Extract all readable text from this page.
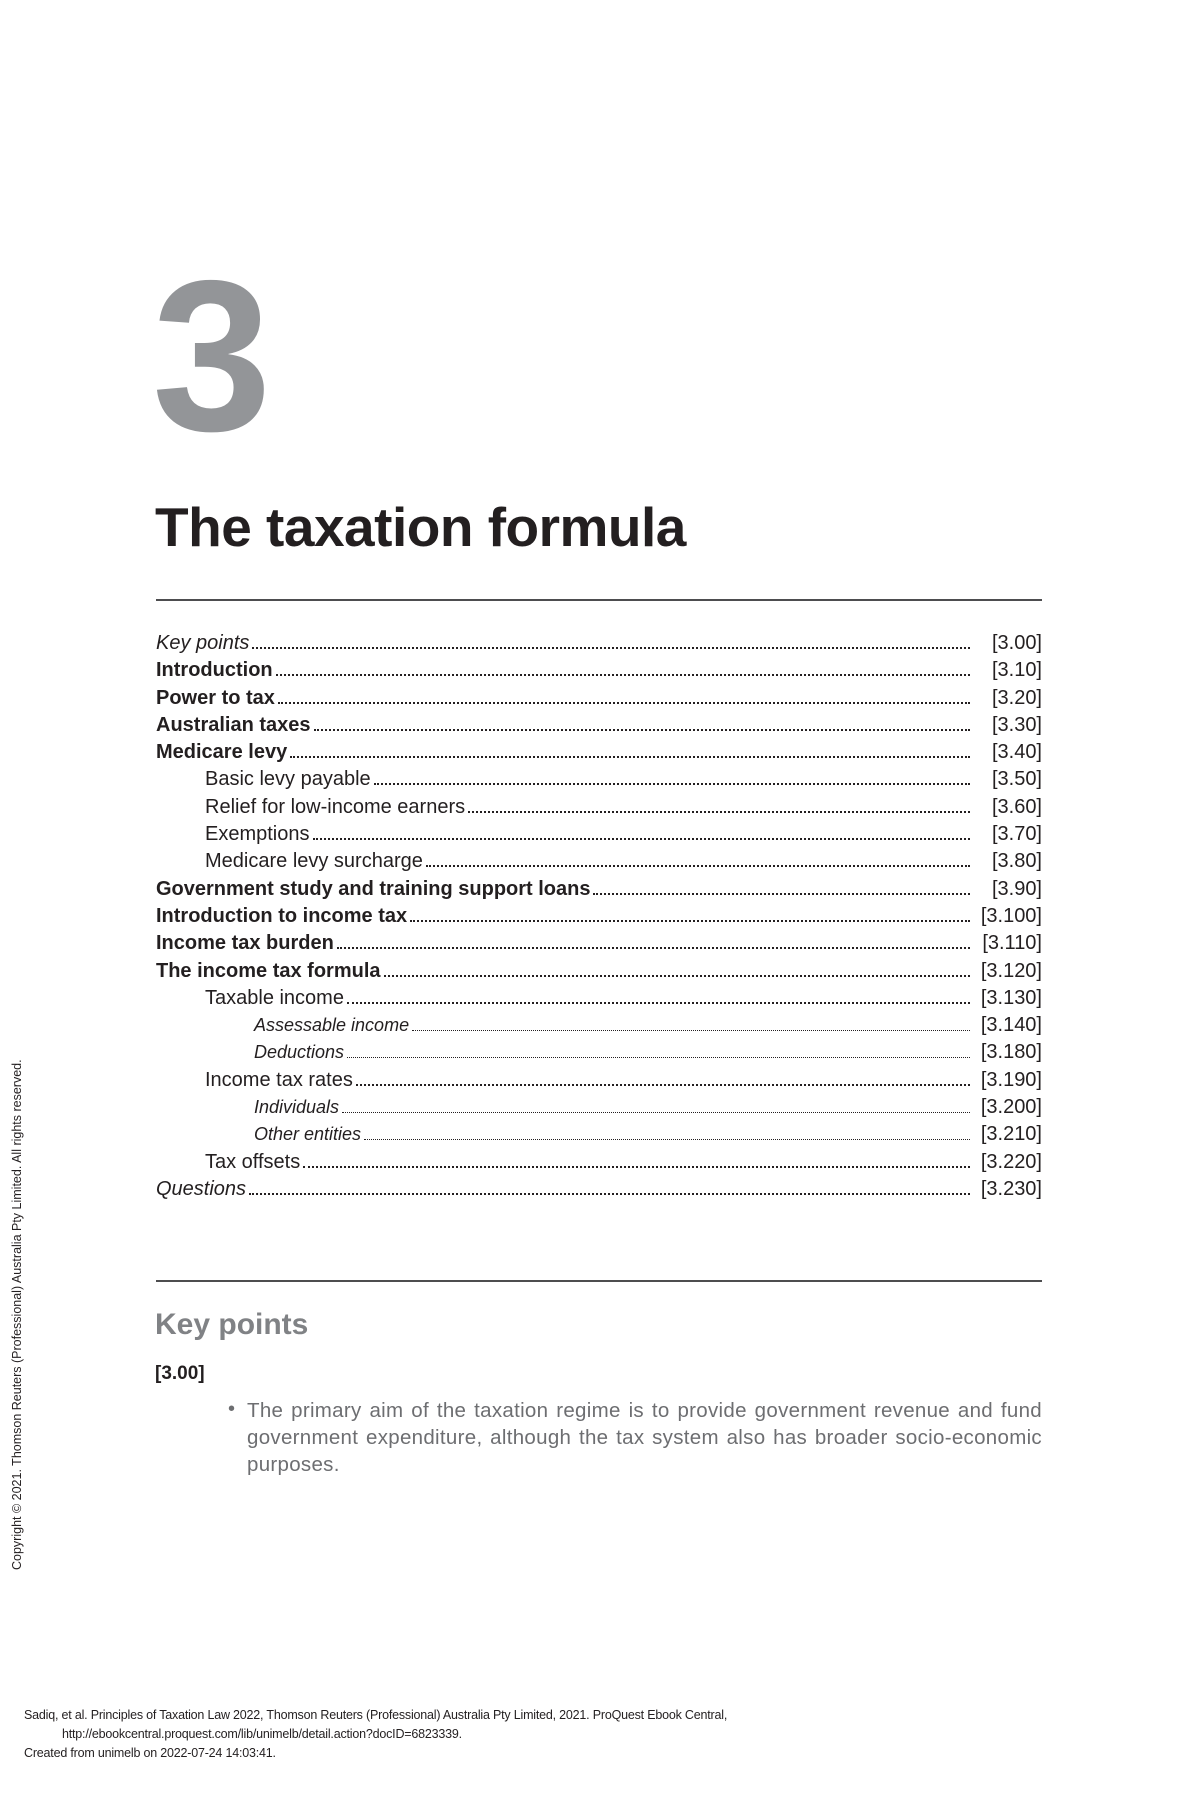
3
The taxation formula
Key points	[3.00]
Introduction	[3.10]
Power to tax	[3.20]
Australian taxes	[3.30]
Medicare levy	[3.40]
Basic levy payable	[3.50]
Relief for low-income earners	[3.60]
Exemptions	[3.70]
Medicare levy surcharge	[3.80]
Government study and training support loans	[3.90]
Introduction to income tax	[3.100]
Income tax burden	[3.110]
The income tax formula	[3.120]
Taxable income	[3.130]
Assessable income	[3.140]
Deductions	[3.180]
Income tax rates	[3.190]
Individuals	[3.200]
Other entities	[3.210]
Tax offsets	[3.220]
Questions	[3.230]
Key points
[3.00]
• The primary aim of the taxation regime is to provide government revenue and fund government expenditure, although the tax system also has broader socio-economic purposes.
Copyright © 2021. Thomson Reuters (Professional) Australia Pty Limited. All rights reserved.
Sadiq, et al. Principles of Taxation Law 2022, Thomson Reuters (Professional) Australia Pty Limited, 2021. ProQuest Ebook Central,
http://ebookcentral.proquest.com/lib/unimelb/detail.action?docID=6823339.
Created from unimelb on 2022-07-24 14:03:41.
